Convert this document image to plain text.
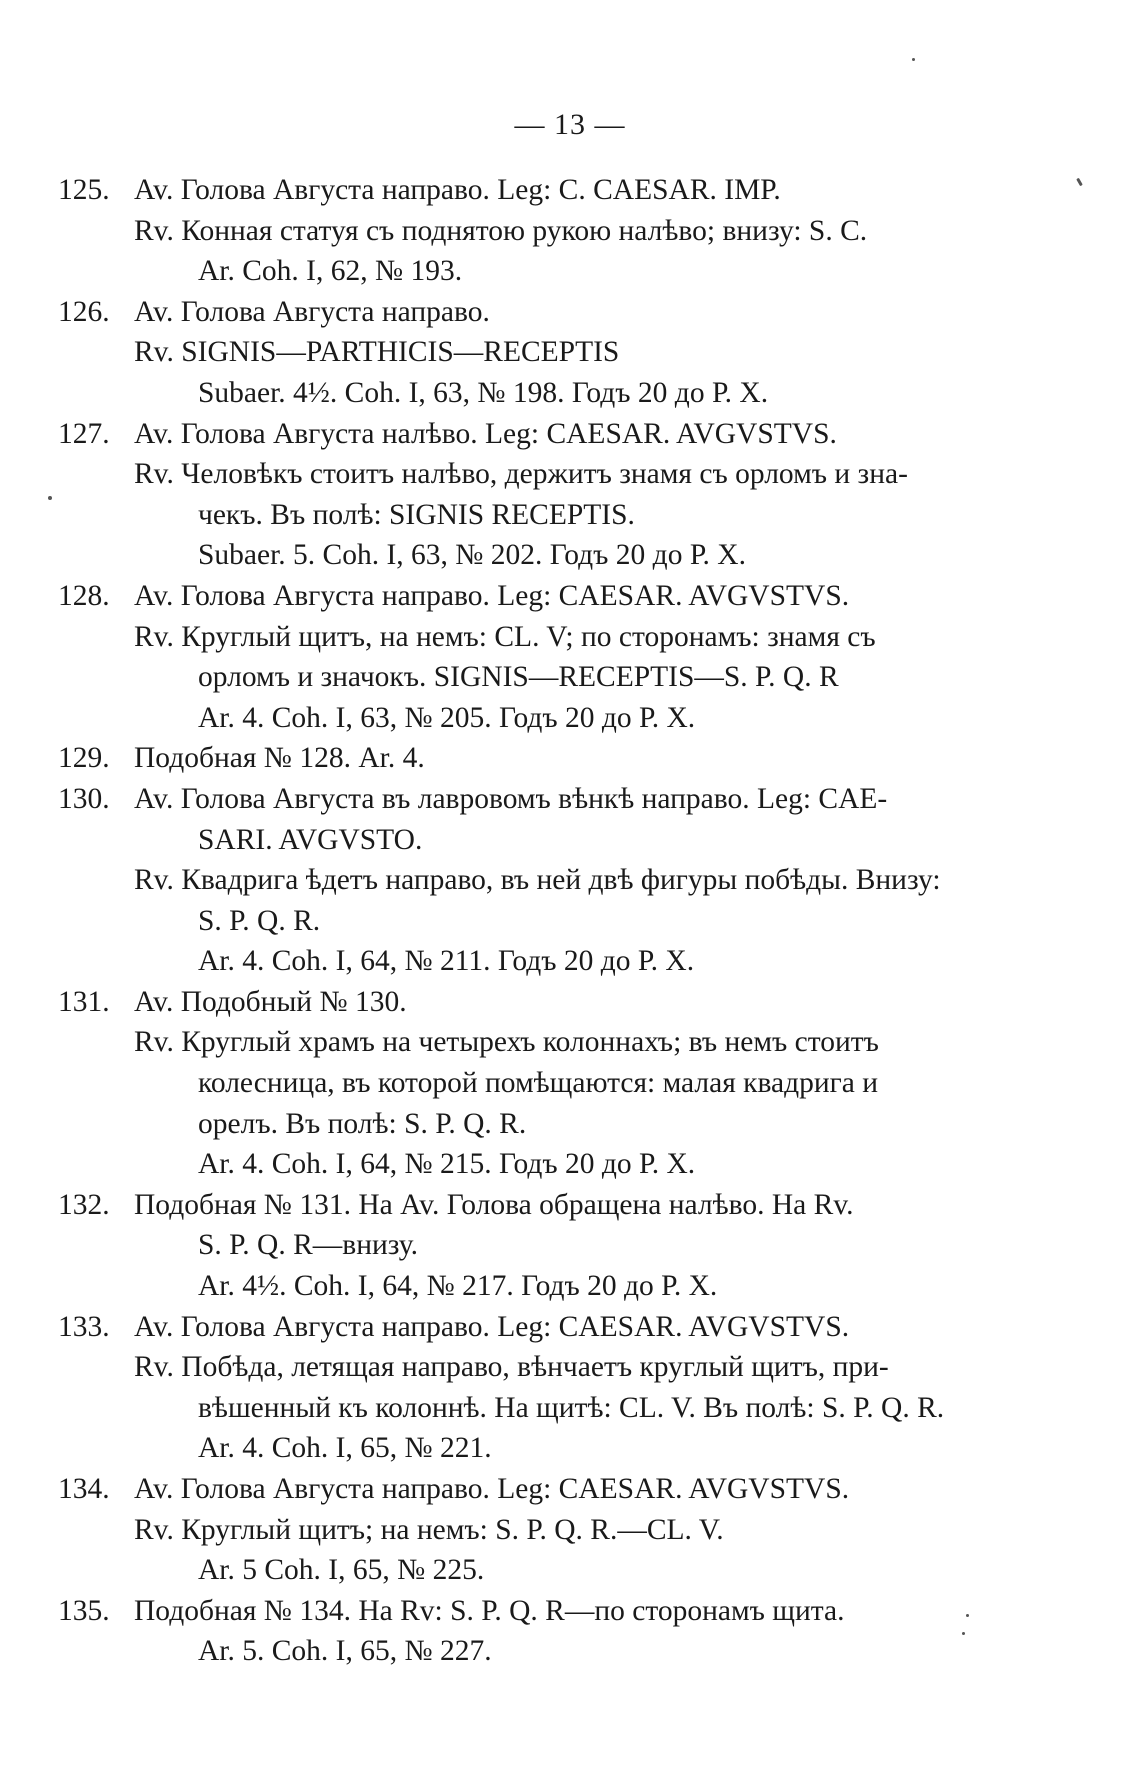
— 13 —
125. Av. Голова Августа направо. Leg: C. CAESAR. IMP.
Rv. Конная статуя съ поднятою рукою налѣво; внизу: S. C.
Ar. Coh. I, 62, № 193.
126. Av. Голова Августа направо.
Rv. SIGNIS—PARTHICIS—RECEPTIS
Subaer. 4½. Coh. I, 63, № 198. Годъ 20 до Р. Х.
127. Av. Голова Августа налѣво. Leg: CAESAR. AVGVSTVS.
Rv. Человѣкъ стоитъ налѣво, держитъ знамя съ орломъ и зна-
чекъ. Въ полѣ: SIGNIS RECEPTIS.
Subaer. 5. Coh. I, 63, № 202. Годъ 20 до Р. Х.
128. Av. Голова Августа направо. Leg: CAESAR. AVGVSTVS.
Rv. Круглый щитъ, на немъ: CL. V; по сторонамъ: знамя съ
орломъ и значокъ. SIGNIS—RECEPTIS—S. P. Q. R
Ar. 4. Coh. I, 63, № 205. Годъ 20 до Р. Х.
129. Подобная № 128. Ar. 4.
130. Av. Голова Августа въ лавровомъ вѣнкѣ направо. Leg: CAE-
SARI. AVGVSTO.
Rv. Квадрига ѣдетъ направо, въ ней двѣ фигуры побѣды. Внизу:
S. P. Q. R.
Ar. 4. Coh. I, 64, № 211. Годъ 20 до Р. Х.
131. Av. Подобный № 130.
Rv. Круглый храмъ на четырехъ колоннахъ; въ немъ стоитъ
колесница, въ которой помѣщаются: малая квадрига и
орелъ. Въ полѣ: S. P. Q. R.
Ar. 4. Coh. I, 64, № 215. Годъ 20 до Р. Х.
132. Подобная № 131. На Av. Голова обращена налѣво. На Rv.
S. P. Q. R—внизу.
Ar. 4½. Coh. I, 64, № 217. Годъ 20 до Р. Х.
133. Av. Голова Августа направо. Leg: CAESAR. AVGVSTVS.
Rv. Побѣда, летящая направо, вѣнчаетъ круглый щитъ, при-
вѣшенный къ колоннѣ. На щитѣ: CL. V. Въ полѣ: S. P. Q. R.
Ar. 4. Coh. I, 65, № 221.
134. Av. Голова Августа направо. Leg: CAESAR. AVGVSTVS.
Rv. Круглый щитъ; на немъ: S. P. Q. R.—CL. V.
Ar. 5 Coh. I, 65, № 225.
135. Подобная № 134. На Rv: S. P. Q. R—по сторонамъ щита.
Ar. 5. Coh. I, 65, № 227.
